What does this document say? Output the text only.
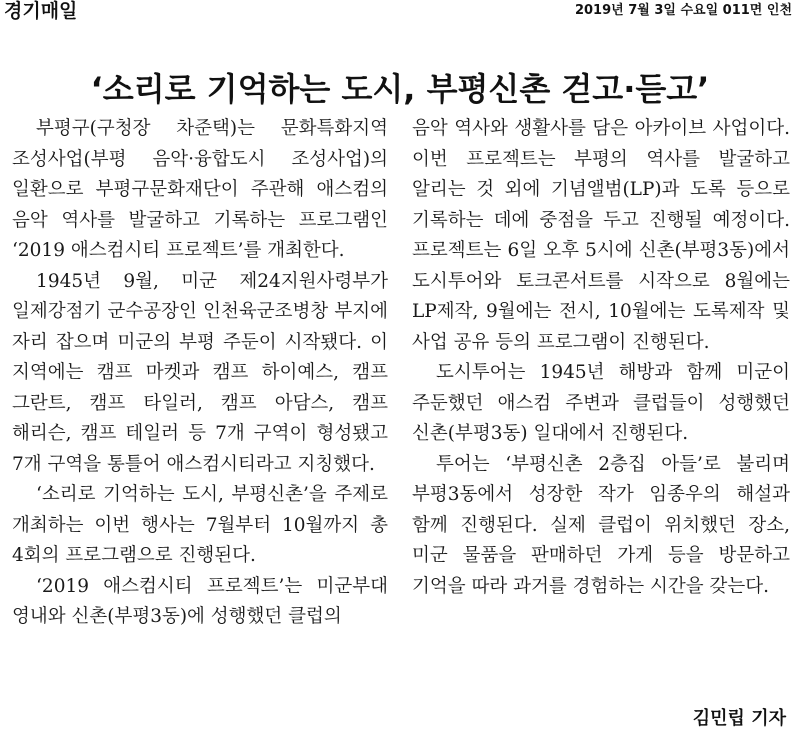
경기매일	2019년 7월 3일 수요일 011면 인천
‘소리로 기억하는 도시, 부평신촌 걷고·듣고’

부평구(구청장 차준택)는 문화특화지역 조성사업(부평 음악·융합도시 조성사업)의 일환으로 부평구문화재단이 주관해 애스컴의 음악 역사를 발굴하고 기록하는 프로그램인 ‘2019 애스컴시티 프로젝트’를 개최한다.

1945년 9월, 미군 제24지원사령부가 일제강점기 군수공장인 인천육군조병창 부지에 자리 잡으며 미군의 부평 주둔이 시작됐다. 이 지역에는 캠프 마켓과 캠프 하이예스, 캠프 그란트, 캠프 타일러, 캠프 아담스, 캠프 해리슨, 캠프 테일러 등 7개 구역이 형성됐고 7개 구역을 통틀어 애스컴시티라고 지칭했다.

‘소리로 기억하는 도시, 부평신촌’을 주제로 개최하는 이번 행사는 7월부터 10월까지 총 4회의 프로그램으로 진행된다.

‘2019 애스컴시티 프로젝트’는 미군부대 영내와 신촌(부평3동)에 성행했던 클럽의

음악 역사와 생활사를 담은 아카이브 사업이다. 이번 프로젝트는 부평의 역사를 발굴하고 알리는 것 외에 기념앨범(LP)과 도록 등으로 기록하는 데에 중점을 두고 진행될 예정이다. 프로젝트는 6일 오후 5시에 신촌(부평3동)에서 도시투어와 토크콘서트를 시작으로 8월에는 LP제작, 9월에는 전시, 10월에는 도록제작 및 사업 공유 등의 프로그램이 진행된다.

도시투어는 1945년 해방과 함께 미군이 주둔했던 애스컴 주변과 클럽들이 성행했던 신촌(부평3동) 일대에서 진행된다.

투어는 ‘부평신촌 2층집 아들’로 불리며 부평3동에서 성장한 작가 임종우의 해설과 함께 진행된다. 실제 클럽이 위치했던 장소, 미군 물품을 판매하던 가게 등을 방문하고 기억을 따라 과거를 경험하는 시간을 갖는다.

김민립 기자
